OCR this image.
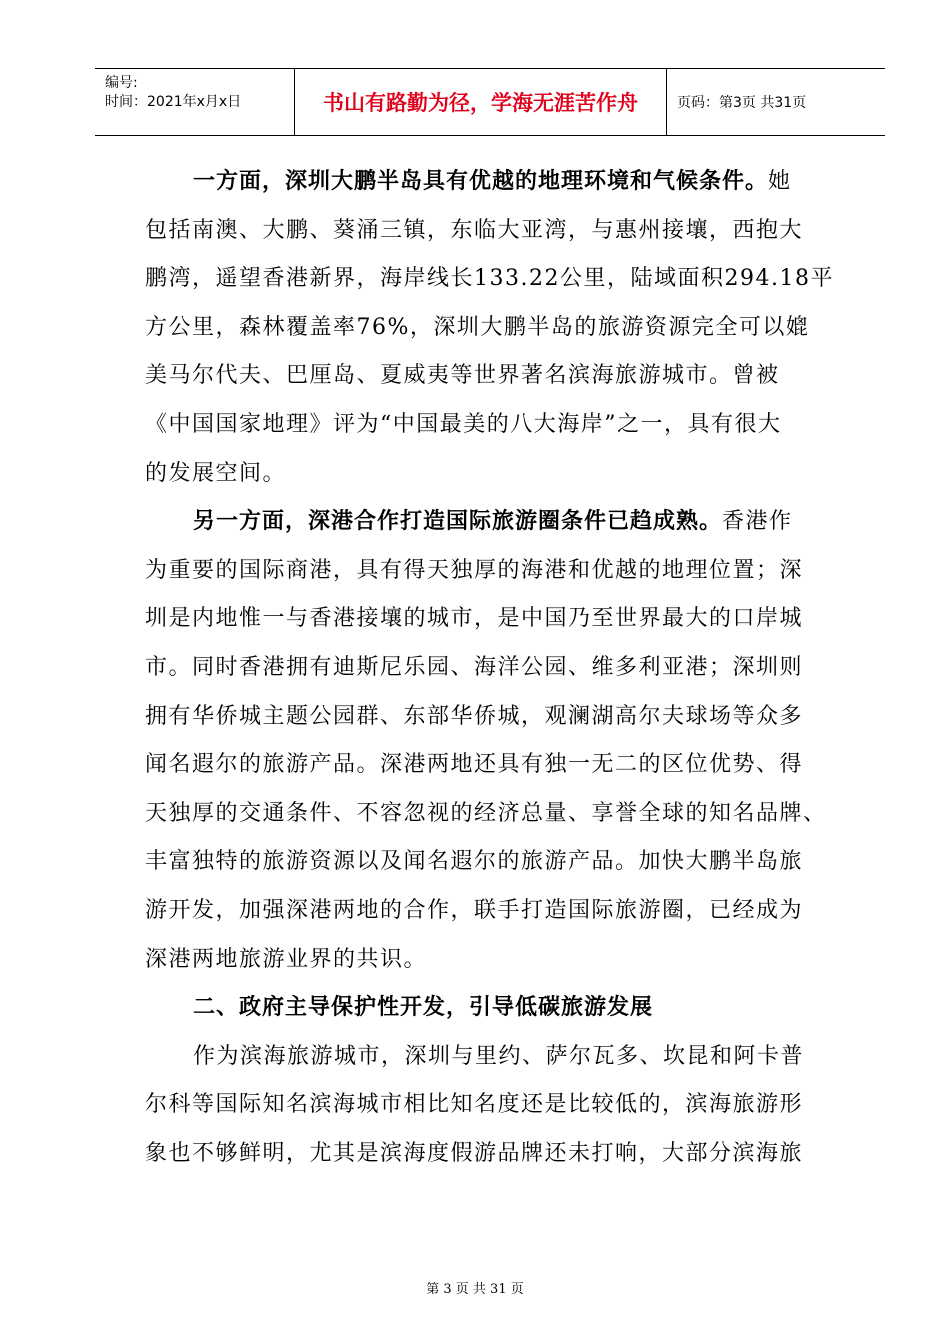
编号:
时间：2021年x月x日	书山有路勤为径，学海无涯苦作舟	页码：第3页 共31页
一方面，深圳大鹏半岛具有优越的地理环境和气候条件。她
包括南澳、大鹏、葵涌三镇，东临大亚湾，与惠州接壤，西抱大
鹏湾，遥望香港新界，海岸线长133.22公里，陆域面积294.18平
方公里，森林覆盖率76%，深圳大鹏半岛的旅游资源完全可以媲
美马尔代夫、巴厘岛、夏威夷等世界著名滨海旅游城市。曾被
《中国国家地理》评为“中国最美的八大海岸”之一，具有很大
的发展空间。
另一方面，深港合作打造国际旅游圈条件已趋成熟。香港作
为重要的国际商港，具有得天独厚的海港和优越的地理位置；深
圳是内地惟一与香港接壤的城市，是中国乃至世界最大的口岸城
市。同时香港拥有迪斯尼乐园、海洋公园、维多利亚港；深圳则
拥有华侨城主题公园群、东部华侨城，观澜湖高尔夫球场等众多
闻名遐尔的旅游产品。深港两地还具有独一无二的区位优势、得
天独厚的交通条件、不容忽视的经济总量、享誉全球的知名品牌、
丰富独特的旅游资源以及闻名遐尔的旅游产品。加快大鹏半岛旅
游开发，加强深港两地的合作，联手打造国际旅游圈，已经成为
深港两地旅游业界的共识。
二、政府主导保护性开发，引导低碳旅游发展
作为滨海旅游城市，深圳与里约、萨尔瓦多、坎昆和阿卡普
尔科等国际知名滨海城市相比知名度还是比较低的，滨海旅游形
象也不够鲜明，尤其是滨海度假游品牌还未打响，大部分滨海旅
第 3 页 共 31 页
